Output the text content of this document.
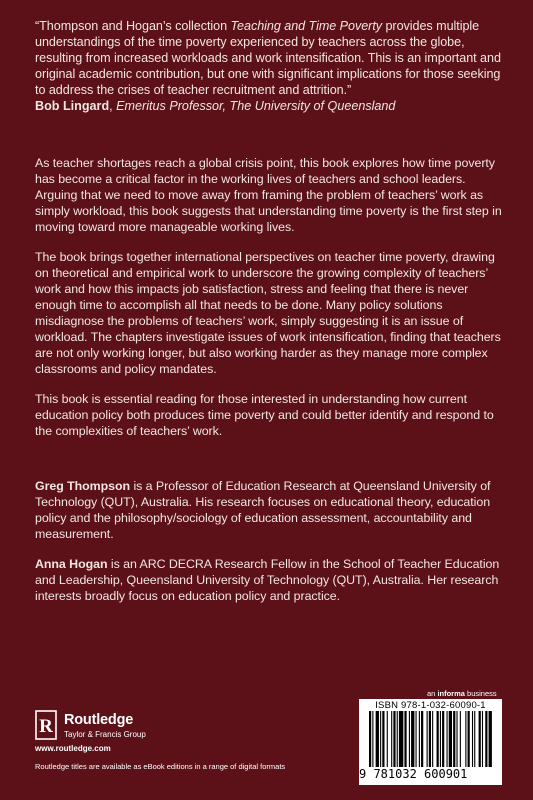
“Thompson and Hogan’s collection Teaching and Time Poverty provides multiple understandings of the time poverty experienced by teachers across the globe, resulting from increased workloads and work intensification. This is an important and original academic contribution, but one with significant implications for those seeking to address the crises of teacher recruitment and attrition.”

Bob Lingard, Emeritus Professor, The University of Queensland

As teacher shortages reach a global crisis point, this book explores how time poverty has become a critical factor in the working lives of teachers and school leaders. Arguing that we need to move away from framing the problem of teachers’ work as simply workload, this book suggests that understanding time poverty is the first step in moving toward more manageable working lives.

The book brings together international perspectives on teacher time poverty, drawing on theoretical and empirical work to underscore the growing complexity of teachers’ work and how this impacts job satisfaction, stress and feeling that there is never enough time to accomplish all that needs to be done. Many policy solutions misdiagnose the problems of teachers’ work, simply suggesting it is an issue of workload. The chapters investigate issues of work intensification, finding that teachers are not only working longer, but also working harder as they manage more complex classrooms and policy mandates.

This book is essential reading for those interested in understanding how current education policy both produces time poverty and could better identify and respond to the complexities of teachers’ work.

Greg Thompson is a Professor of Education Research at Queensland University of Technology (QUT), Australia. His research focuses on educational theory, education policy and the philosophy/sociology of education assessment, accountability and measurement.

Anna Hogan is an ARC DECRA Research Fellow in the School of Teacher Education and Leadership, Queensland University of Technology (QUT), Australia. Her research interests broadly focus on education policy and practice.

R Routledge
Taylor & Francis Group
www.routledge.com
Routledge titles are available as eBook editions in a range of digital formats
an informa business
ISBN 978-1-032-60090-1
9 781032 600901
